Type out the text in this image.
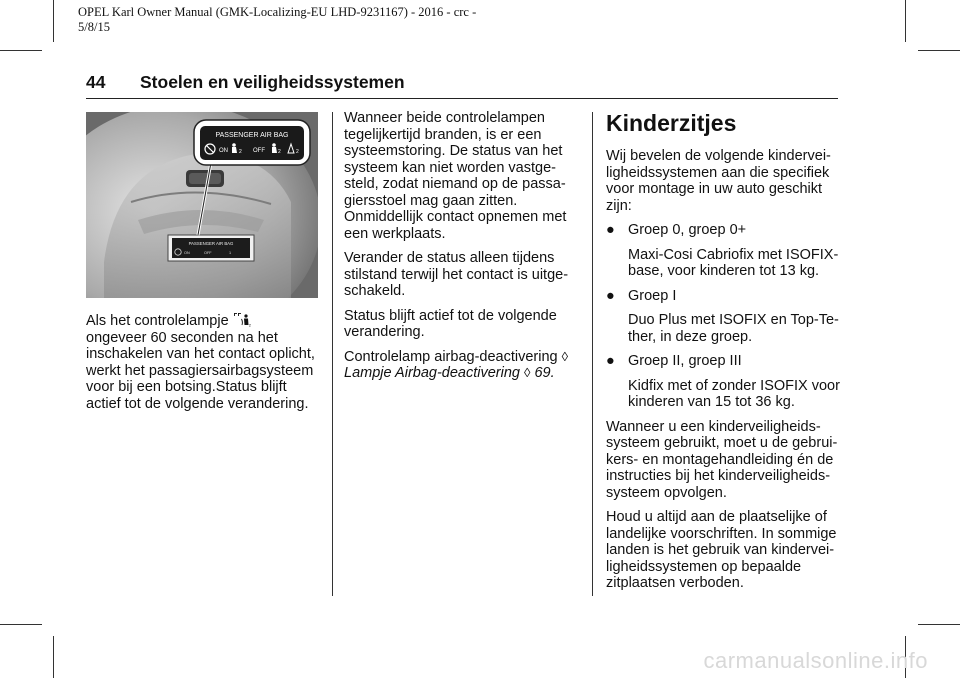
OPEL Karl Owner Manual (GMK-Localizing-EU LHD-9231167) - 2016 - crc -
5/8/15
44 Stoelen en veiligheidssystemen
PASSENGER AIR BAG
ON	OFF	1
PASSENGER AIR BAG
ON 2 OFF	2	2

Als het controlelampje	2

ongeveer 60 seconden na het inschakelen van het contact oplicht, werkt het passagiersairbagsysteem voor bij een botsing.Status blijft actief tot de volgende verandering.

Wanneer beide controlelampen tegelijkertijd branden, is er een systeemstoring. De status van het systeem kan niet worden vastge- steld, zodat niemand op de passa- giersstoel mag gaan zitten. Onmiddellijk contact opnemen met een werkplaats.

Verander de status alleen tijdens stilstand terwijl het contact is uitge- schakeld.

Status blijft actief tot de volgende verandering.

Controlelamp airbag-deactivering ◊
Lampje Airbag-deactivering ◊ 69.

Kinderzitjes

Wij bevelen de volgende kindervei- ligheidssystemen aan die specifiek voor montage in uw auto geschikt zijn:

● Groep 0, groep 0+

Maxi-Cosi Cabriofix met ISOFIX-base, voor kinderen tot 13 kg.

● Groep I

Duo Plus met ISOFIX en Top-Te- ther, in deze groep.

● Groep II, groep III

Kidfix met of zonder ISOFIX voor kinderen van 15 tot 36 kg.

Wanneer u een kinderveiligheids- systeem gebruikt, moet u de gebrui- kers- en montagehandleiding én de instructies bij het kinderveiligheids- systeem opvolgen.

Houd u altijd aan de plaatselijke of landelijke voorschriften. In sommige landen is het gebruik van kindervei- ligheidssystemen op bepaalde zitplaatsen verboden.

carmanualsonline.info
